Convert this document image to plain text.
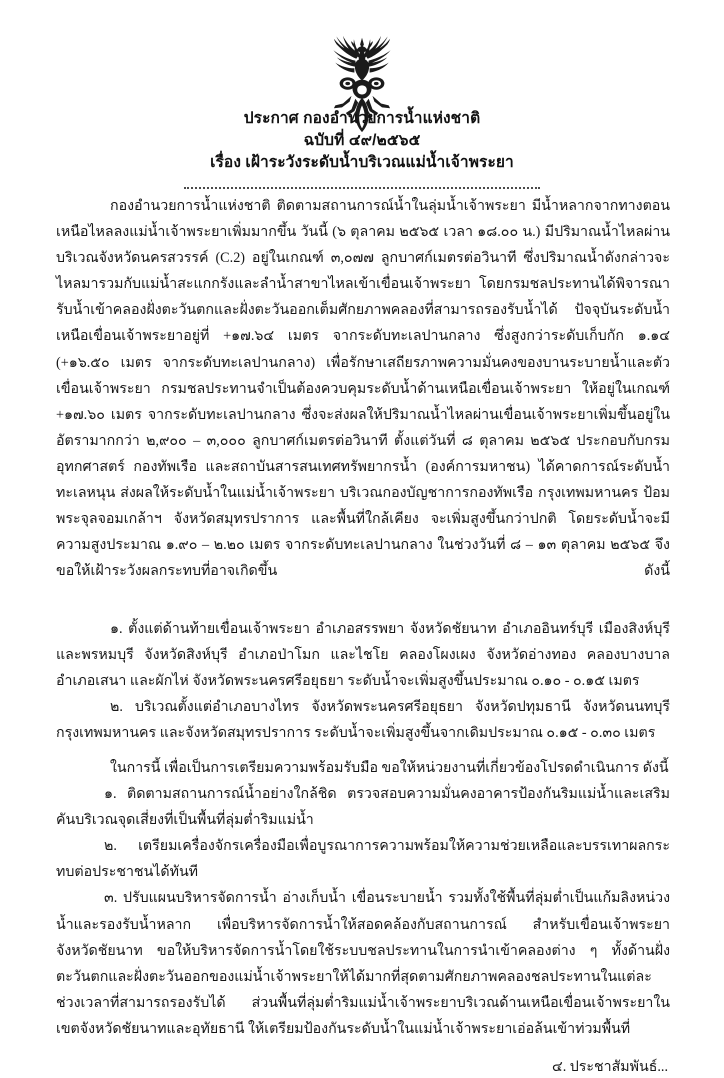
ประกาศ กองอำนวยการน้ำแห่งชาติ
ฉบับที่ ๔๙/๒๕๖๕
เรื่อง เฝ้าระวังระดับน้ำบริเวณแม่น้ำเจ้าพระยา

กองอำนวยการน้ำแห่งชาติ ติดตามสถานการณ์น้ำในลุ่มน้ำเจ้าพระยา มีน้ำหลากจากทางตอนเหนือไหลลงแม่น้ำเจ้าพระยาเพิ่มมากขึ้น วันนี้ (๖ ตุลาคม ๒๕๖๕ เวลา ๑๘.๐๐ น.) มีปริมาณน้ำไหลผ่านบริเวณจังหวัดนครสวรรค์ (C.2) อยู่ในเกณฑ์ ๓,๐๗๗ ลูกบาศก์เมตรต่อวินาที ซึ่งปริมาณน้ำดังกล่าวจะไหลมารวมกับแม่น้ำสะแกกรังและลำน้ำสาขาไหลเข้าเขื่อนเจ้าพระยา โดยกรมชลประทานได้พิจารณารับน้ำเข้าคลองฝั่งตะวันตกและฝั่งตะวันออกเต็มศักยภาพคลองที่สามารถรองรับน้ำได้ ปัจจุบันระดับน้ำเหนือเขื่อนเจ้าพระยาอยู่ที่ +๑๗.๖๔ เมตร จากระดับทะเลปานกลาง ซึ่งสูงกว่าระดับเก็บกัก ๑.๑๔ (+๑๖.๕๐ เมตร จากระดับทะเลปานกลาง) เพื่อรักษาเสถียรภาพความมั่นคงของบานระบายน้ำและตัวเขื่อนเจ้าพระยา กรมชลประทานจำเป็นต้องควบคุมระดับน้ำด้านเหนือเขื่อนเจ้าพระยา ให้อยู่ในเกณฑ์ +๑๗.๖๐ เมตร จากระดับทะเลปานกลาง ซึ่งจะส่งผลให้ปริมาณน้ำไหลผ่านเขื่อนเจ้าพระยาเพิ่มขึ้นอยู่ในอัตรามากกว่า ๒,๙๐๐ – ๓,๐๐๐ ลูกบาศก์เมตรต่อวินาที ตั้งแต่วันที่ ๘ ตุลาคม ๒๕๖๕ ประกอบกับกรมอุทกศาสตร์ กองทัพเรือ และสถาบันสารสนเทศทรัพยากรน้ำ (องค์การมหาชน) ได้คาดการณ์ระดับน้ำทะเลหนุน ส่งผลให้ระดับน้ำในแม่น้ำเจ้าพระยา บริเวณกองบัญชาการกองทัพเรือ กรุงเทพมหานคร ป้อมพระจุลจอมเกล้าฯ จังหวัดสมุทรปราการ และพื้นที่ใกล้เคียง จะเพิ่มสูงขึ้นกว่าปกติ โดยระดับน้ำจะมีความสูงประมาณ ๑.๙๐ – ๒.๒๐ เมตร จากระดับทะเลปานกลาง ในช่วงวันที่ ๘ – ๑๓ ตุลาคม ๒๕๖๕ จึงขอให้เฝ้าระวังผลกระทบที่อาจเกิดขึ้น ดังนี้

๑. ตั้งแต่ด้านท้ายเขื่อนเจ้าพระยา อำเภอสรรพยา จังหวัดชัยนาท อำเภออินทร์บุรี เมืองสิงห์บุรี และพรหมบุรี จังหวัดสิงห์บุรี อำเภอป่าโมก และไชโย คลองโผงเผง จังหวัดอ่างทอง คลองบางบาล อำเภอเสนา และผักไห่ จังหวัดพระนครศรีอยุธยา ระดับน้ำจะเพิ่มสูงขึ้นประมาณ ๐.๑๐ - ๐.๑๕ เมตร

๒. บริเวณตั้งแต่อำเภอบางไทร จังหวัดพระนครศรีอยุธยา จังหวัดปทุมธานี จังหวัดนนทบุรี กรุงเทพมหานคร และจังหวัดสมุทรปราการ ระดับน้ำจะเพิ่มสูงขึ้นจากเดิมประมาณ ๐.๑๕ - ๐.๓๐ เมตร

ในการนี้ เพื่อเป็นการเตรียมความพร้อมรับมือ ขอให้หน่วยงานที่เกี่ยวข้องโปรดดำเนินการ ดังนี้

๑. ติดตามสถานการณ์น้ำอย่างใกล้ชิด ตรวจสอบความมั่นคงอาคารป้องกันริมแม่น้ำและเสริมคันบริเวณจุดเสี่ยงที่เป็นพื้นที่ลุ่มต่ำริมแม่น้ำ

๒. เตรียมเครื่องจักรเครื่องมือเพื่อบูรณาการความพร้อมให้ความช่วยเหลือและบรรเทาผลกระทบต่อประชาชนได้ทันที

๓. ปรับแผนบริหารจัดการน้ำ อ่างเก็บน้ำ เขื่อนระบายน้ำ รวมทั้งใช้พื้นที่ลุ่มต่ำเป็นแก้มลิงหน่วงน้ำและรองรับน้ำหลาก เพื่อบริหารจัดการน้ำให้สอดคล้องกับสถานการณ์ สำหรับเขื่อนเจ้าพระยา จังหวัดชัยนาท ขอให้บริหารจัดการน้ำโดยใช้ระบบชลประทานในการนำเข้าคลองต่าง ๆ ทั้งด้านฝั่งตะวันตกและฝั่งตะวันออกของแม่น้ำเจ้าพระยาให้ได้มากที่สุดตามศักยภาพคลองชลประทานในแต่ละช่วงเวลาที่สามารถรองรับได้ ส่วนพื้นที่ลุ่มต่ำริมแม่น้ำเจ้าพระยาบริเวณด้านเหนือเขื่อนเจ้าพระยาในเขตจังหวัดชัยนาทและอุทัยธานี ให้เตรียมป้องกันระดับน้ำในแม่น้ำเจ้าพระยาเอ่อล้นเข้าท่วมพื้นที่

๔. ประชาสัมพันธ์...
